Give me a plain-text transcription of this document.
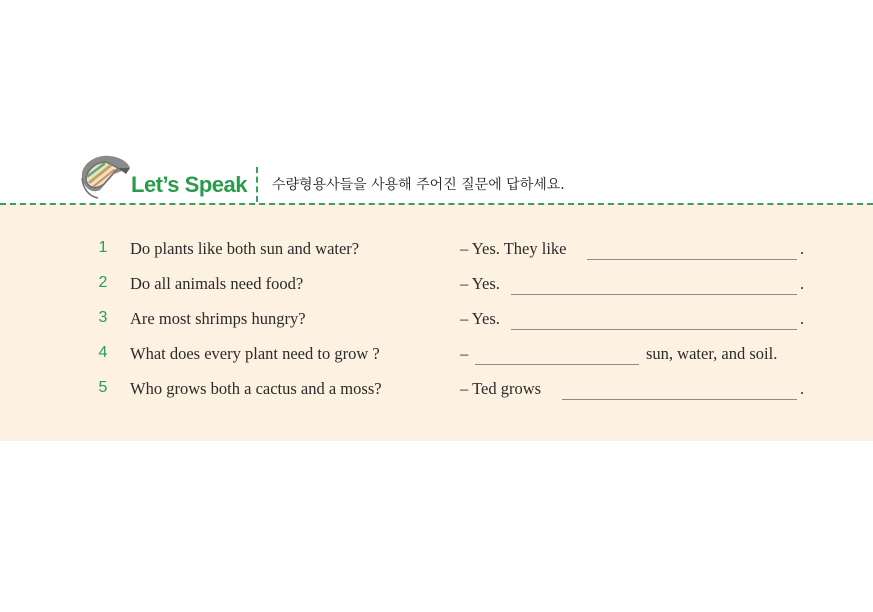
Let’s Speak 수량형용사들을 사용해 주어진 질문에 답하세요.
1 Do plants like both sun and water?	– Yes. They like	.
2 Do all animals need food?	– Yes.	.
3 Are most shrimps hungry?	– Yes.	.
4 What does every plant need to grow ?	–	sun, water, and soil.
5 Who grows both a cactus and a moss?	– Ted grows	.
